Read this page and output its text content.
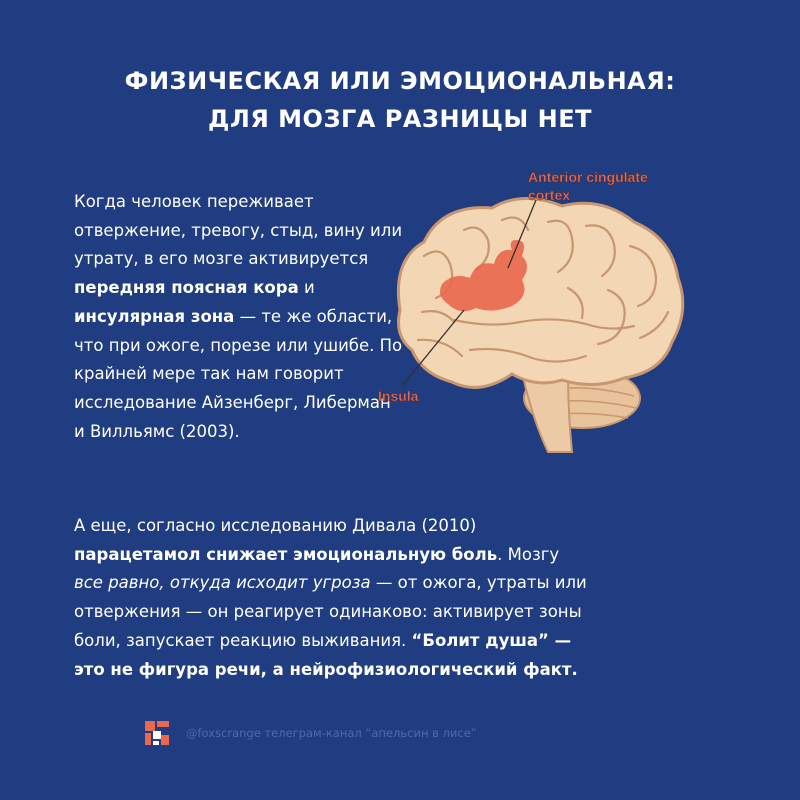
ФИЗИЧЕСКАЯ ИЛИ ЭМОЦИОНАЛЬНАЯ:
ДЛЯ МОЗГА РАЗНИЦЫ НЕТ
Когда человек переживает отвержение, тревогу, стыд, вину или утрату, в его мозге активируется передняя поясная кора и инсулярная зона — те же области, что при ожоге, порезе или ушибе. По крайней мере так нам говорит исследование Айзенберг, Либерман и Вилльямс (2003).
Anterior cingulate
cortex
Insula
А еще, согласно исследованию Дивала (2010)
парацетамол снижает эмоциональную боль. Мозгу
все равно, откуда исходит угроза — от ожога, утраты или
отвержения — он реагирует одинаково: активирует зоны
боли, запускает реакцию выживания. “Болит душа” —
это не фигура речи, а нейрофизиологический факт.
@foxscrange телеграм-канал “апельсин в лисе”
